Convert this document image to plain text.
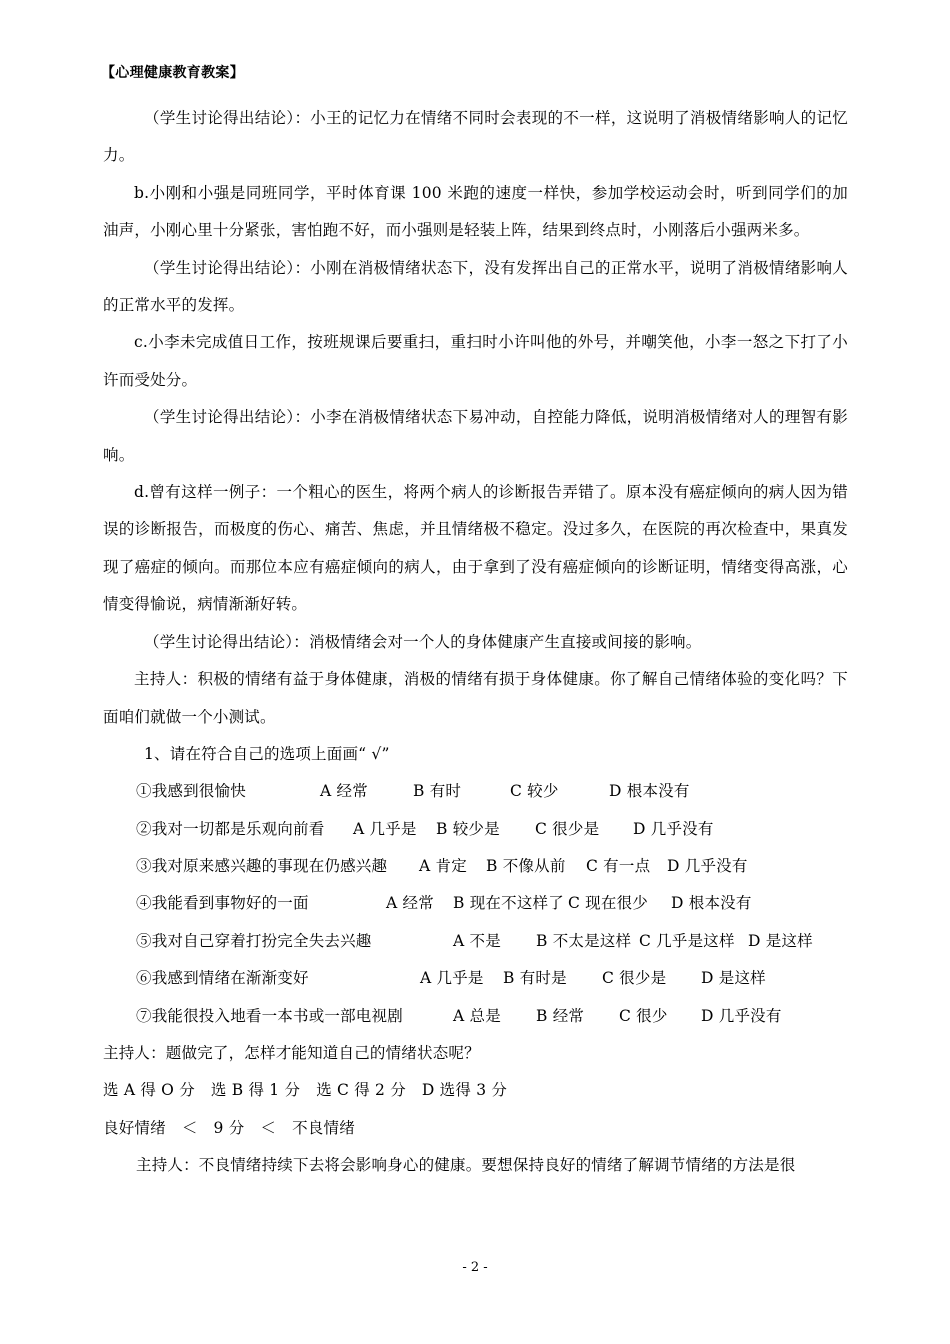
【心理健康教育教案】

（学生讨论得出结论）：小王的记忆力在情绪不同时会表现的不一样，这说明了消极情绪影响人的记忆力。

b.小刚和小强是同班同学，平时体育课 100 米跑的速度一样快，参加学校运动会时，听到同学们的加油声，小刚心里十分紧张，害怕跑不好，而小强则是轻装上阵，结果到终点时，小刚落后小强两米多。

（学生讨论得出结论）：小刚在消极情绪状态下，没有发挥出自己的正常水平，说明了消极情绪影响人的正常水平的发挥。

c.小李未完成值日工作，按班规课后要重扫，重扫时小许叫他的外号，并嘲笑他，小李一怒之下打了小许而受处分。

（学生讨论得出结论）：小李在消极情绪状态下易冲动，自控能力降低，说明消极情绪对人的理智有影响。

d.曾有这样一例子：一个粗心的医生，将两个病人的诊断报告弄错了。原本没有癌症倾向的病人因为错误的诊断报告，而极度的伤心、痛苦、焦虑，并且情绪极不稳定。没过多久，在医院的再次检查中，果真发现了癌症的倾向。而那位本应有癌症倾向的病人，由于拿到了没有癌症倾向的诊断证明，情绪变得高涨，心情变得愉说，病情渐渐好转。

（学生讨论得出结论）：消极情绪会对一个人的身体健康产生直接或间接的影响。

主持人：积极的情绪有益于身体健康，消极的情绪有损于身体健康。你了解自己情绪体验的变化吗？下面咱们就做一个小测试。

1、请在符合自己的选项上面画“ √”

①我感到很愉快	A 经常	B 有时	C 较少	D 根本没有
②我对一切都是乐观向前看 A 几乎是 B 较少是 C 很少是 D 几乎没有
③我对原来感兴趣的事现在仍感兴趣 A 肯定 B 不像从前 C 有一点 D 几乎没有
④我能看到事物好的一面	A 经常 B 现在不这样了 C 现在很少 D 根本没有
⑤我对自己穿着打扮完全失去兴趣	A 不是 B 不太是这样 C 几乎是这样 D 是这样
⑥我感到情绪在渐渐变好	A 几乎是 B 有时是 C 很少是 D 是这样
⑦我能很投入地看一本书或一部电视剧	A 总是 B 经常 C 很少 D 几乎没有

主持人：题做完了，怎样才能知道自己的情绪状态呢？

选 A 得 O 分 选 B 得 1 分 选 C 得 2 分 D 选得 3 分

良好情绪 ＜ 9 分 ＜ 不良情绪

主持人：不良情绪持续下去将会影响身心的健康。要想保持良好的情绪了解调节情绪的方法是很

- 2 -
